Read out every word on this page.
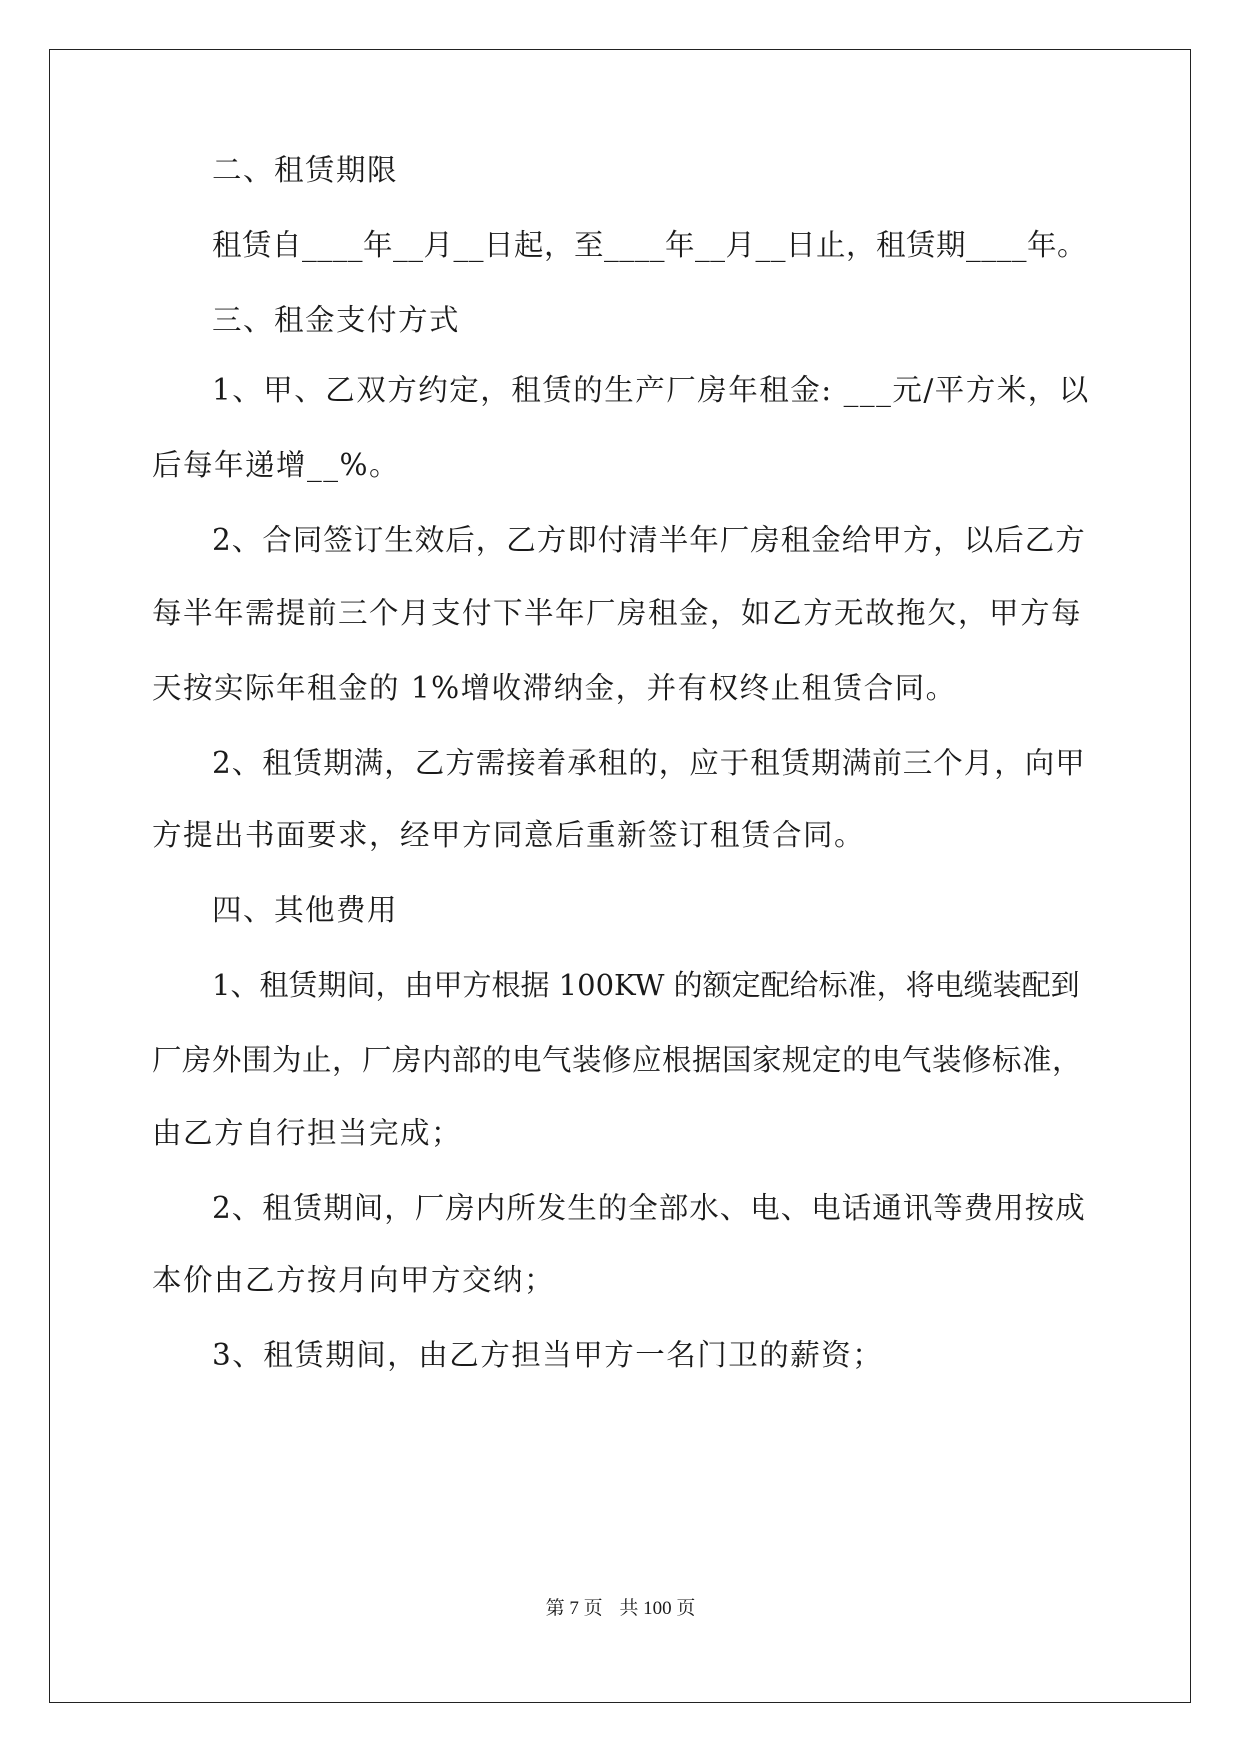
二、租赁期限

租赁自____年__月__日起，至____年__月__日止，租赁期____年。

三、租金支付方式

1、甲、乙双方约定，租赁的生产厂房年租金: ___元/平方米，以

后每年递增__%。

2、合同签订生效后，乙方即付清半年厂房租金给甲方，以后乙方

每半年需提前三个月支付下半年厂房租金，如乙方无故拖欠，甲方每

天按实际年租金的 1%增收滞纳金，并有权终止租赁合同。

2、租赁期满，乙方需接着承租的，应于租赁期满前三个月，向甲

方提出书面要求，经甲方同意后重新签订租赁合同。

四、其他费用

1、租赁期间，由甲方根据 100KW 的额定配给标准，将电缆装配到

厂房外围为止，厂房内部的电气装修应根据国家规定的电气装修标准，

由乙方自行担当完成；

2、租赁期间，厂房内所发生的全部水、电、电话通讯等费用按成

本价由乙方按月向甲方交纳；

3、租赁期间，由乙方担当甲方一名门卫的薪资；

第 7 页 共 100 页
